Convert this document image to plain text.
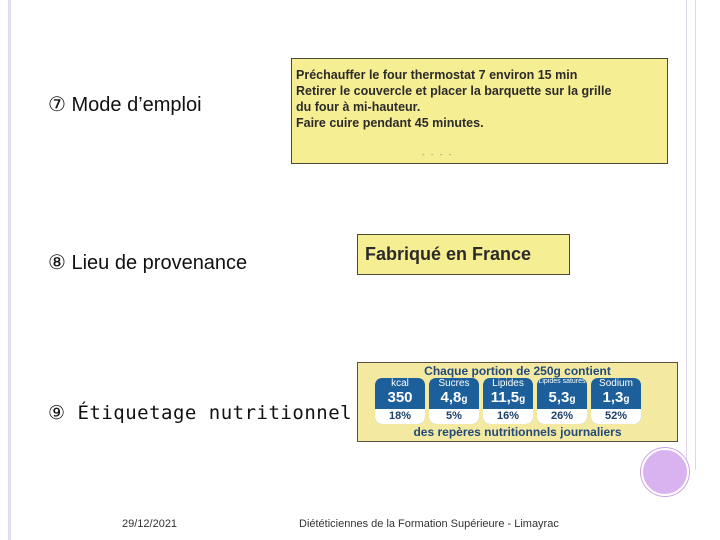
⑦ Mode d’emploi
⑧ Lieu de provenance
⑨ Étiquetage nutritionnel
Préchauffer le four thermostat 7 environ 15 min
Retirer le couvercle et placer la barquette sur la grille
du four à mi-hauteur.
Faire cuire pendant 45 minutes.
- - - -
Fabriqué en France
Chaque portion de 250g contient
kcal
350
18%
Sucres
4,8g
5%
Lipides
11,5g
16%
Lipides saturés
5,3g
26%
Sodium
1,3g
52%
des repères nutritionnels journaliers
29/12/2021	Diététiciennes de la Formation Supérieure - Limayrac
